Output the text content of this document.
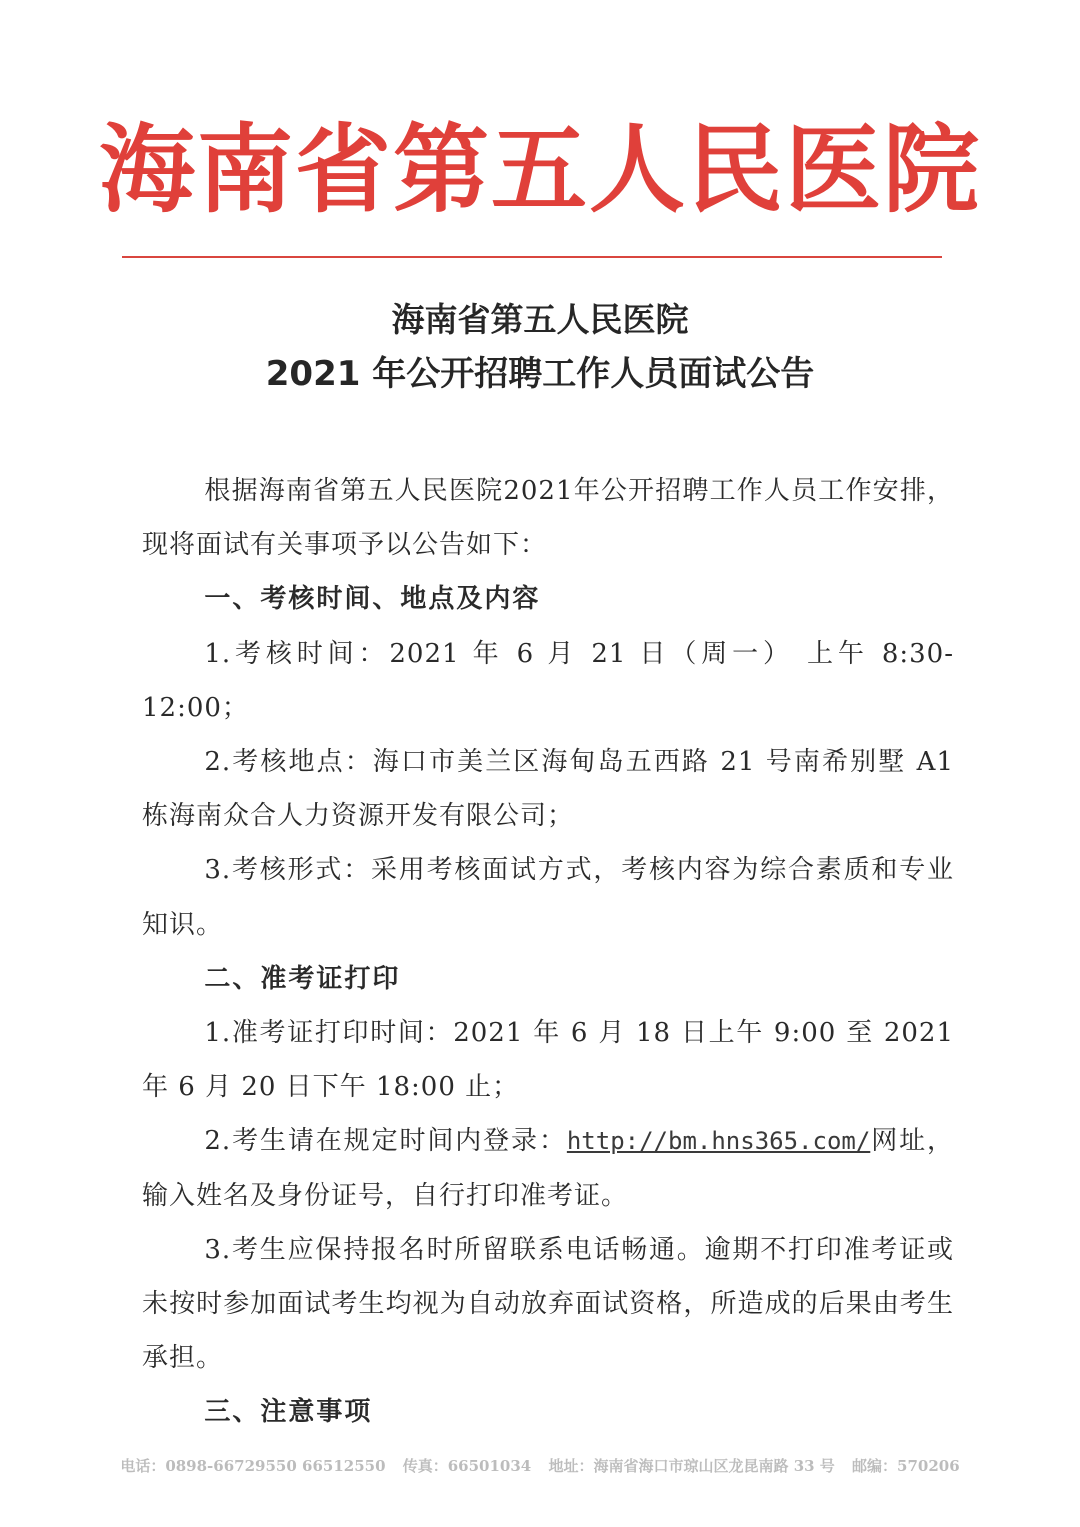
海南省第五人民医院
海南省第五人民医院
2021 年公开招聘工作人员面试公告

根据海南省第五人民医院2021年公开招聘工作人员工作安排，现将面试有关事项予以公告如下：

一、考核时间、地点及内容

1.考核时间：2021 年 6 月 21 日（周一） 上午 8:30-12:00；

2.考核地点：海口市美兰区海甸岛五西路 21 号南希别墅 A1 栋海南众合人力资源开发有限公司；

3.考核形式：采用考核面试方式，考核内容为综合素质和专业知识。

二、准考证打印

1.准考证打印时间：2021 年 6 月 18 日上午 9:00 至 2021 年 6 月 20 日下午 18:00 止；

2.考生请在规定时间内登录：http://bm.hns365.com/网址，输入姓名及身份证号，自行打印准考证。

3.考生应保持报名时所留联系电话畅通。逾期不打印准考证或未按时参加面试考生均视为自动放弃面试资格，所造成的后果由考生承担。

三、注意事项

电话：0898-66729550 66512550 传真：66501034 地址：海南省海口市琼山区龙昆南路 33 号 邮编：570206
